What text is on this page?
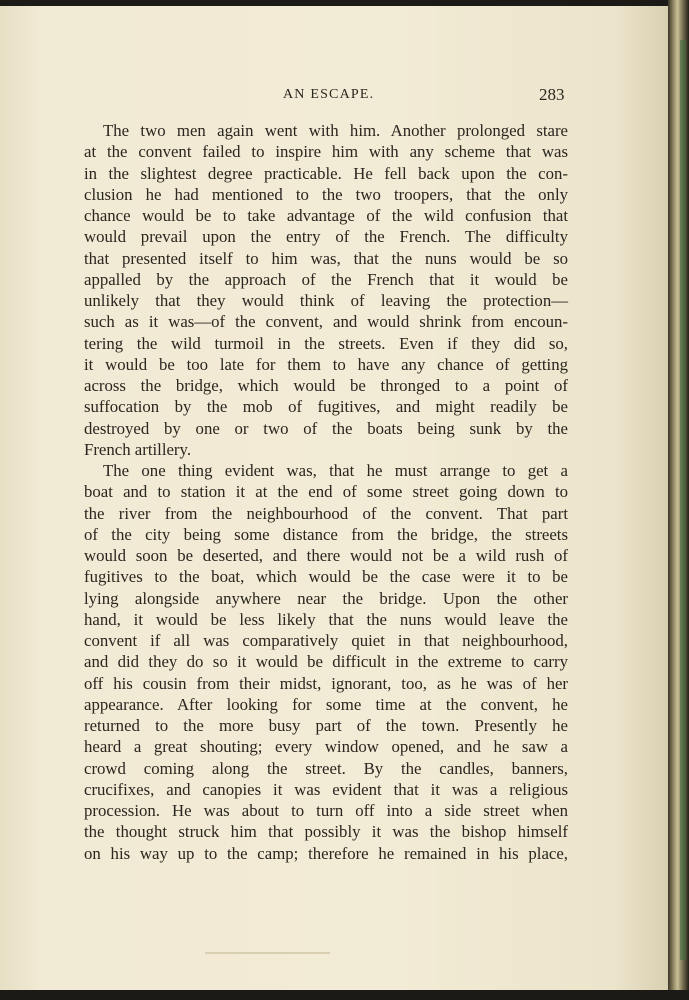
AN ESCAPE.	283
The two men again went with him. Another prolonged stare
at the convent failed to inspire him with any scheme that was
in the slightest degree practicable. He fell back upon the con-
clusion he had mentioned to the two troopers, that the only
chance would be to take advantage of the wild confusion that
would prevail upon the entry of the French. The difficulty
that presented itself to him was, that the nuns would be so
appalled by the approach of the French that it would be
unlikely that they would think of leaving the protection—
such as it was—of the convent, and would shrink from encoun-
tering the wild turmoil in the streets. Even if they did so,
it would be too late for them to have any chance of getting
across the bridge, which would be thronged to a point of
suffocation by the mob of fugitives, and might readily be
destroyed by one or two of the boats being sunk by the
French artillery.
The one thing evident was, that he must arrange to get a
boat and to station it at the end of some street going down to
the river from the neighbourhood of the convent. That part
of the city being some distance from the bridge, the streets
would soon be deserted, and there would not be a wild rush of
fugitives to the boat, which would be the case were it to be
lying alongside anywhere near the bridge. Upon the other
hand, it would be less likely that the nuns would leave the
convent if all was comparatively quiet in that neighbourhood,
and did they do so it would be difficult in the extreme to carry
off his cousin from their midst, ignorant, too, as he was of her
appearance. After looking for some time at the convent, he
returned to the more busy part of the town. Presently he
heard a great shouting; every window opened, and he saw a
crowd coming along the street. By the candles, banners,
crucifixes, and canopies it was evident that it was a religious
procession. He was about to turn off into a side street when
the thought struck him that possibly it was the bishop himself
on his way up to the camp; therefore he remained in his place,
